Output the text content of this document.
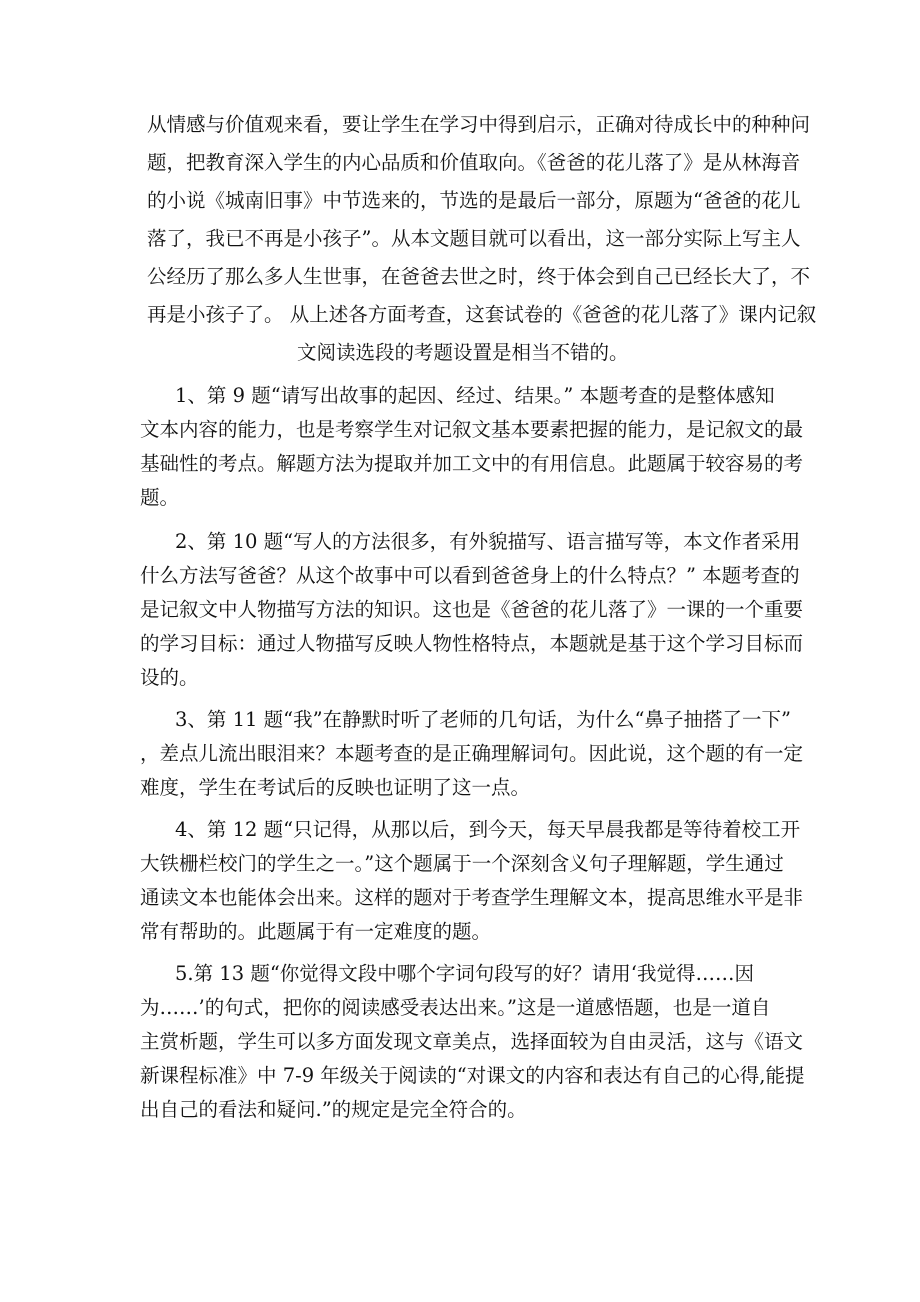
从情感与价值观来看，要让学生在学习中得到启示，正确对待成长中的种种问
题，把教育深入学生的内心品质和价值取向。《爸爸的花儿落了》是从林海音
的小说《城南旧事》中节选来的，节选的是最后一部分，原题为“爸爸的花儿
落了，我已不再是小孩子”。从本文题目就可以看出，这一部分实际上写主人
公经历了那么多人生世事，在爸爸去世之时，终于体会到自己已经长大了，不
再是小孩子了。 从上述各方面考查，这套试卷的《爸爸的花儿落了》课内记叙
文阅读选段的考题设置是相当不错的。
1、第 9 题“请写出故事的起因、经过、结果。” 本题考查的是整体感知
文本内容的能力，也是考察学生对记叙文基本要素把握的能力，是记叙文的最
基础性的考点。解题方法为提取并加工文中的有用信息。此题属于较容易的考
题。
2、第 10 题“写人的方法很多，有外貌描写、语言描写等，本文作者采用
什么方法写爸爸？从这个故事中可以看到爸爸身上的什么特点？” 本题考查的
是记叙文中人物描写方法的知识。这也是《爸爸的花儿落了》一课的一个重要
的学习目标：通过人物描写反映人物性格特点，本题就是基于这个学习目标而
设的。
3、第 11 题“我”在静默时听了老师的几句话，为什么“鼻子抽搭了一下”
，差点儿流出眼泪来？本题考查的是正确理解词句。因此说，这个题的有一定
难度，学生在考试后的反映也证明了这一点。
4、第 12 题“只记得，从那以后，到今天，每天早晨我都是等待着校工开
大铁栅栏校门的学生之一。”这个题属于一个深刻含义句子理解题，学生通过
通读文本也能体会出来。这样的题对于考查学生理解文本，提高思维水平是非
常有帮助的。此题属于有一定难度的题。
5.第 13 题“你觉得文段中哪个字词句段写的好？请用‘我觉得……因
为……’的句式，把你的阅读感受表达出来。”这是一道感悟题，也是一道自
主赏析题，学生可以多方面发现文章美点，选择面较为自由灵活，这与《语文
新课程标准》中 7-9 年级关于阅读的“对课文的内容和表达有自己的心得,能提
出自己的看法和疑问.”的规定是完全符合的。
